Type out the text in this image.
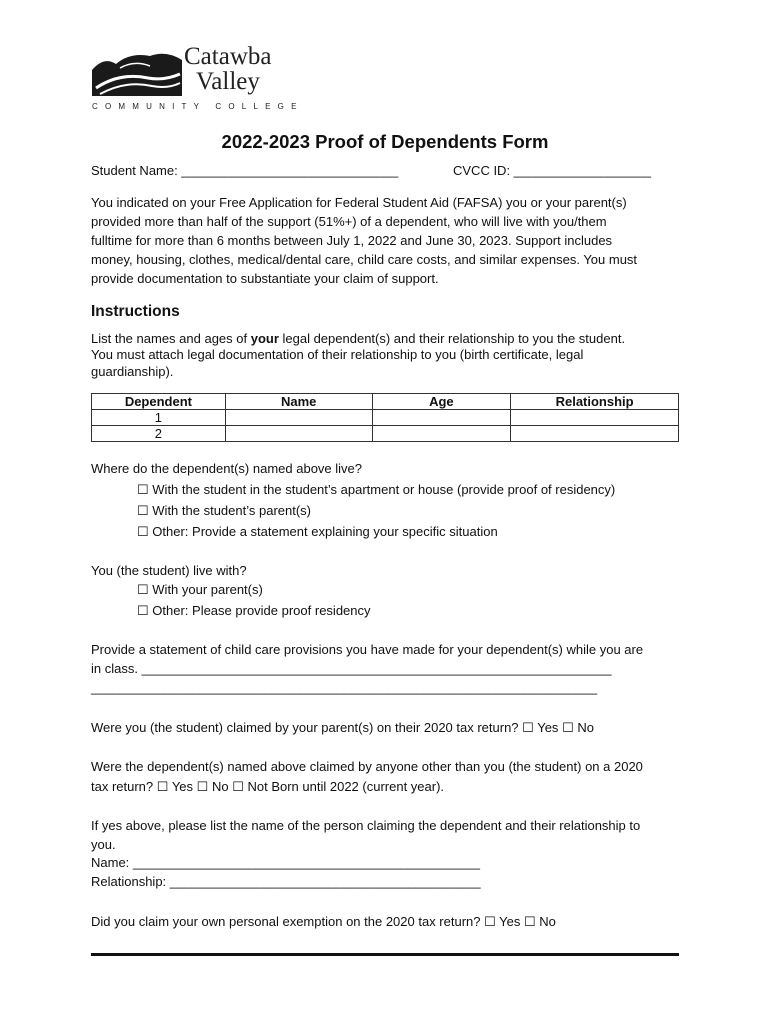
Catawba
Valley
COMMUNITY COLLEGE
2022-2023 Proof of Dependents Form
Student Name: ______________________________	CVCC ID: ___________________
You indicated on your Free Application for Federal Student Aid (FAFSA) you or your parent(s)
provided more than half of the support (51%+) of a dependent, who will live with you/them
fulltime for more than 6 months between July 1, 2022 and June 30, 2023. Support includes
money, housing, clothes, medical/dental care, child care costs, and similar expenses. You must
provide documentation to substantiate your claim of support.
Instructions
List the names and ages of your legal dependent(s) and their relationship to you the student.
You must attach legal documentation of their relationship to you (birth certificate, legal
guardianship).
Dependent	Name	Age	Relationship
1			
2			
Where do the dependent(s) named above live?
☐ With the student in the student’s apartment or house (provide proof of residency)
☐ With the student’s parent(s)
☐ Other: Provide a statement explaining your specific situation
You (the student) live with?
☐ With your parent(s)
☐ Other: Please provide proof residency
Provide a statement of child care provisions you have made for your dependent(s) while you are
in class. _________________________________________________________________
______________________________________________________________________
Were you (the student) claimed by your parent(s) on their 2020 tax return? ☐ Yes ☐ No
Were the dependent(s) named above claimed by anyone other than you (the student) on a 2020
tax return? ☐ Yes ☐ No ☐ Not Born until 2022 (current year).
If yes above, please list the name of the person claiming the dependent and their relationship to
you.
Name: ________________________________________________
Relationship: ___________________________________________
Did you claim your own personal exemption on the 2020 tax return? ☐ Yes ☐ No
